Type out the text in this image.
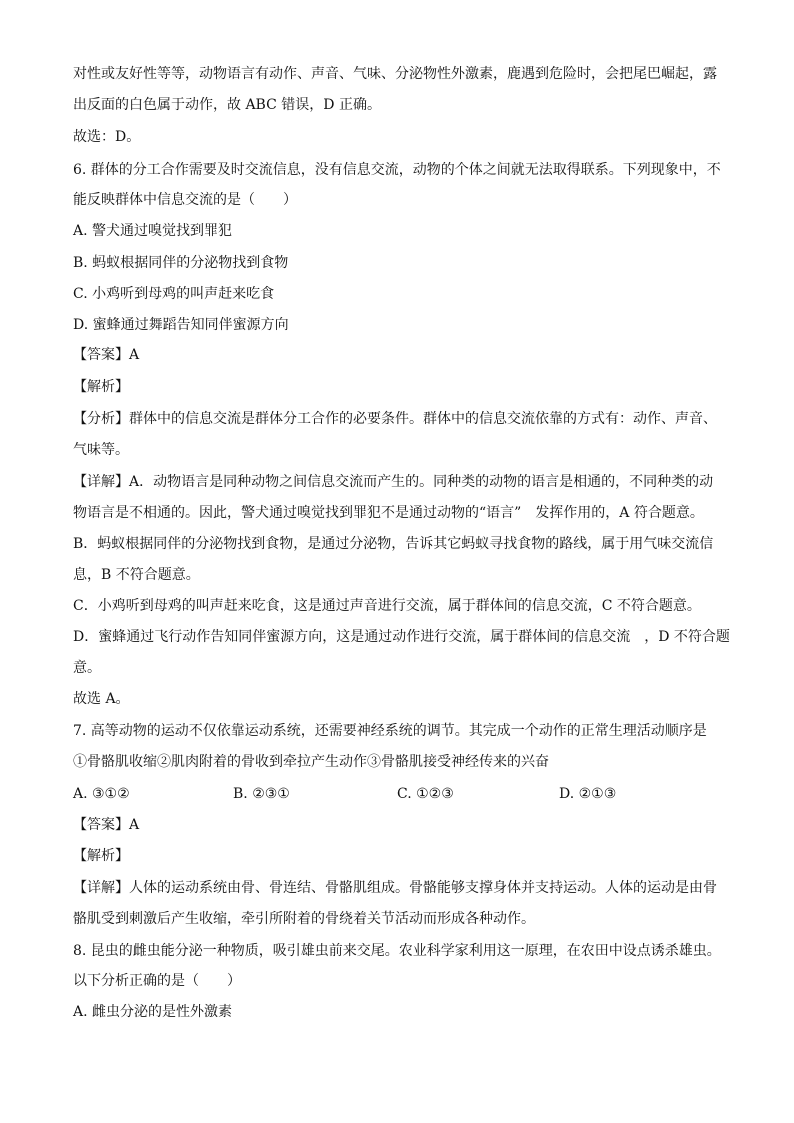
对性或友好性等等，动物语言有动作、声音、气味、分泌物性外激素，鹿遇到危险时，会把尾巴崛起，露
出反面的白色属于动作，故 ABC 错误，D 正确。
故选：D。
6. 群体的分工合作需要及时交流信息，没有信息交流，动物的个体之间就无法取得联系。下列现象中，不
能反映群体中信息交流的是（　　）
A. 警犬通过嗅觉找到罪犯
B. 蚂蚁根据同伴的分泌物找到食物
C. 小鸡听到母鸡的叫声赶来吃食
D. 蜜蜂通过舞蹈告知同伴蜜源方向
【答案】A
【解析】
【分析】群体中的信息交流是群体分工合作的必要条件。群体中的信息交流依靠的方式有：动作、声音、
气味等。
【详解】A．动物语言是同种动物之间信息交流而产生的。同种类的动物的语言是相通的，不同种类的动
物语言是不相通的。因此，警犬通过嗅觉找到罪犯不是通过动物的“语言”　发挥作用的，A 符合题意。
B．蚂蚁根据同伴的分泌物找到食物，是通过分泌物，告诉其它蚂蚁寻找食物的路线，属于用气味交流信
息，B 不符合题意。
C．小鸡听到母鸡的叫声赶来吃食，这是通过声音进行交流，属于群体间的信息交流，C 不符合题意。
D．蜜蜂通过飞行动作告知同伴蜜源方向，这是通过动作进行交流，属于群体间的信息交流　，D 不符合题
意。
故选 A。
7. 高等动物的运动不仅依靠运动系统，还需要神经系统的调节。其完成一个动作的正常生理活动顺序是
①骨骼肌收缩②肌肉附着的骨收到牵拉产生动作③骨骼肌接受神经传来的兴奋
A. ③①②	B. ②③①	C. ①②③	D. ②①③
【答案】A
【解析】
【详解】人体的运动系统由骨、骨连结、骨骼肌组成。骨骼能够支撑身体并支持运动。人体的运动是由骨
骼肌受到刺激后产生收缩，牵引所附着的骨绕着关节活动而形成各种动作。
8. 昆虫的雌虫能分泌一种物质，吸引雄虫前来交尾。农业科学家利用这一原理，在农田中设点诱杀雄虫。
以下分析正确的是（　　）
A. 雌虫分泌的是性外激素
